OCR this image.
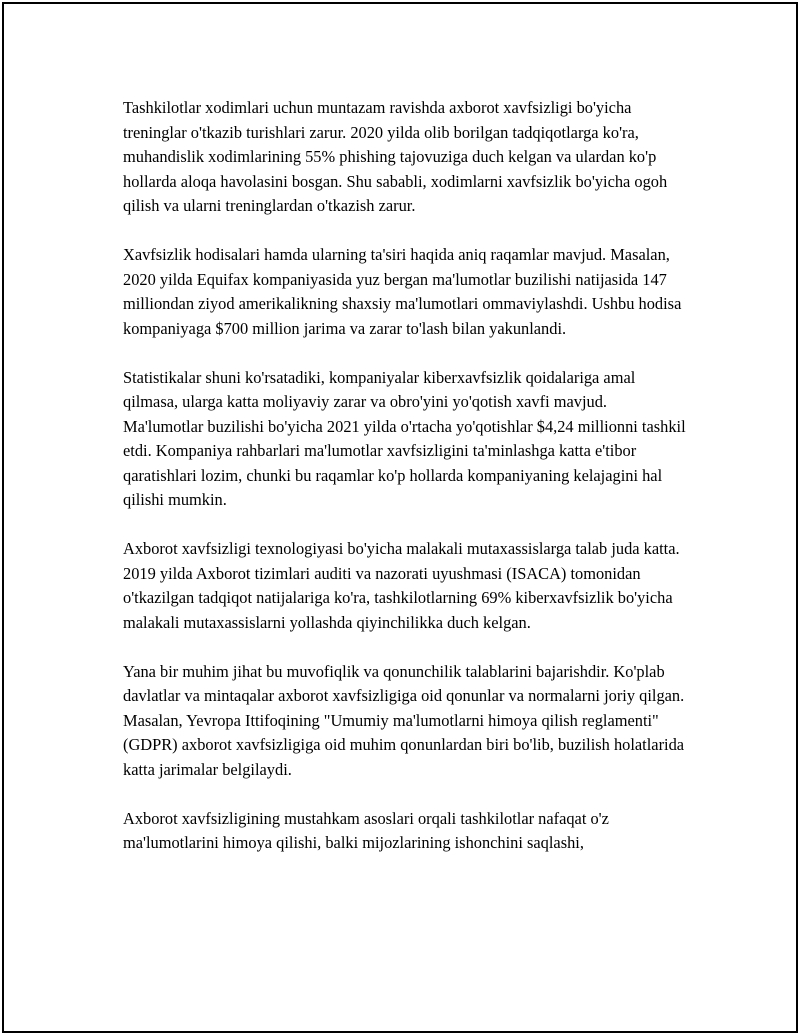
Tashkilotlar xodimlari uchun muntazam ravishda axborot xavfsizligi bo'yicha treninglar o'tkazib turishlari zarur. 2020 yilda olib borilgan tadqiqotlarga ko'ra, muhandislik xodimlarining 55% phishing tajovuziga duch kelgan va ulardan ko'p hollarda aloqa havolasini bosgan. Shu sababli, xodimlarni xavfsizlik bo'yicha ogoh qilish va ularni treninglardan o'tkazish zarur.

Xavfsizlik hodisalari hamda ularning ta'siri haqida aniq raqamlar mavjud. Masalan, 2020 yilda Equifax kompaniyasida yuz bergan ma'lumotlar buzilishi natijasida 147 milliondan ziyod amerikalikning shaxsiy ma'lumotlari ommaviylashdi. Ushbu hodisa kompaniyaga $700 million jarima va zarar to'lash bilan yakunlandi.

Statistikalar shuni ko'rsatadiki, kompaniyalar kiberxavfsizlik qoidalariga amal qilmasa, ularga katta moliyaviy zarar va obro'yini yo'qotish xavfi mavjud. Ma'lumotlar buzilishi bo'yicha 2021 yilda o'rtacha yo'qotishlar $4,24 millionni tashkil etdi. Kompaniya rahbarlari ma'lumotlar xavfsizligini ta'minlashga katta e'tibor qaratishlari lozim, chunki bu raqamlar ko'p hollarda kompaniyaning kelajagini hal qilishi mumkin.

Axborot xavfsizligi texnologiyasi bo'yicha malakali mutaxassislarga talab juda katta. 2019 yilda Axborot tizimlari auditi va nazorati uyushmasi (ISACA) tomonidan o'tkazilgan tadqiqot natijalariga ko'ra, tashkilotlarning 69% kiberxavfsizlik bo'yicha malakali mutaxassislarni yollashda qiyinchilikka duch kelgan.

Yana bir muhim jihat bu muvofiqlik va qonunchilik talablarini bajarishdir. Ko'plab davlatlar va mintaqalar axborot xavfsizligiga oid qonunlar va normalarni joriy qilgan. Masalan, Yevropa Ittifoqining "Umumiy ma'lumotlarni himoya qilish reglamenti" (GDPR) axborot xavfsizligiga oid muhim qonunlardan biri bo'lib, buzilish holatlarida katta jarimalar belgilaydi.

Axborot xavfsizligining mustahkam asoslari orqali tashkilotlar nafaqat o'z ma'lumotlarini himoya qilishi, balki mijozlarining ishonchini saqlashi,
